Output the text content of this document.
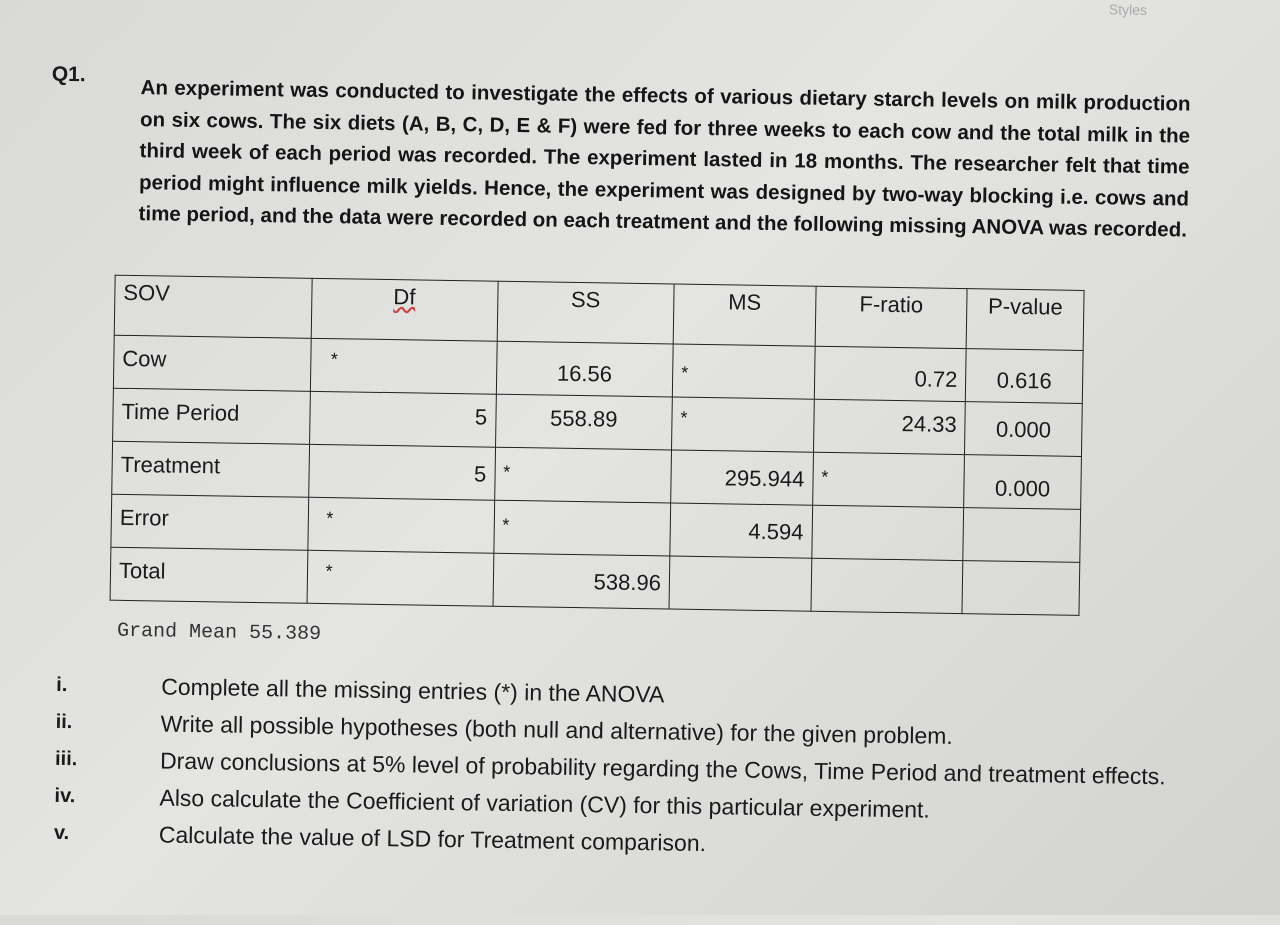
Styles
Q1.
An experiment was conducted to investigate the effects of various dietary starch levels on milk production on six cows. The six diets (A, B, C, D, E & F) were fed for three weeks to each cow and the total milk in the third week of each period was recorded. The experiment lasted in 18 months. The researcher felt that time period might influence milk yields. Hence, the experiment was designed by two-way blocking i.e. cows and time period, and the data were recorded on each treatment and the following missing ANOVA was recorded.
SOV	Df	SS	MS	F-ratio	P-value

Cow	*	16.56	*	0.72	0.616

Time Period	5	558.89	*	24.33	0.000

Treatment	5	*	295.944	*	0.000

Error	*	*	4.594		

Total	*	538.96			

Grand Mean 55.389
i.	Complete all the missing entries (*) in the ANOVA
ii.	Write all possible hypotheses (both null and alternative) for the given problem.
iii.	Draw conclusions at 5% level of probability regarding the Cows, Time Period and treatment effects.
iv.	Also calculate the Coefficient of variation (CV) for this particular experiment.
v.	Calculate the value of LSD for Treatment comparison.
